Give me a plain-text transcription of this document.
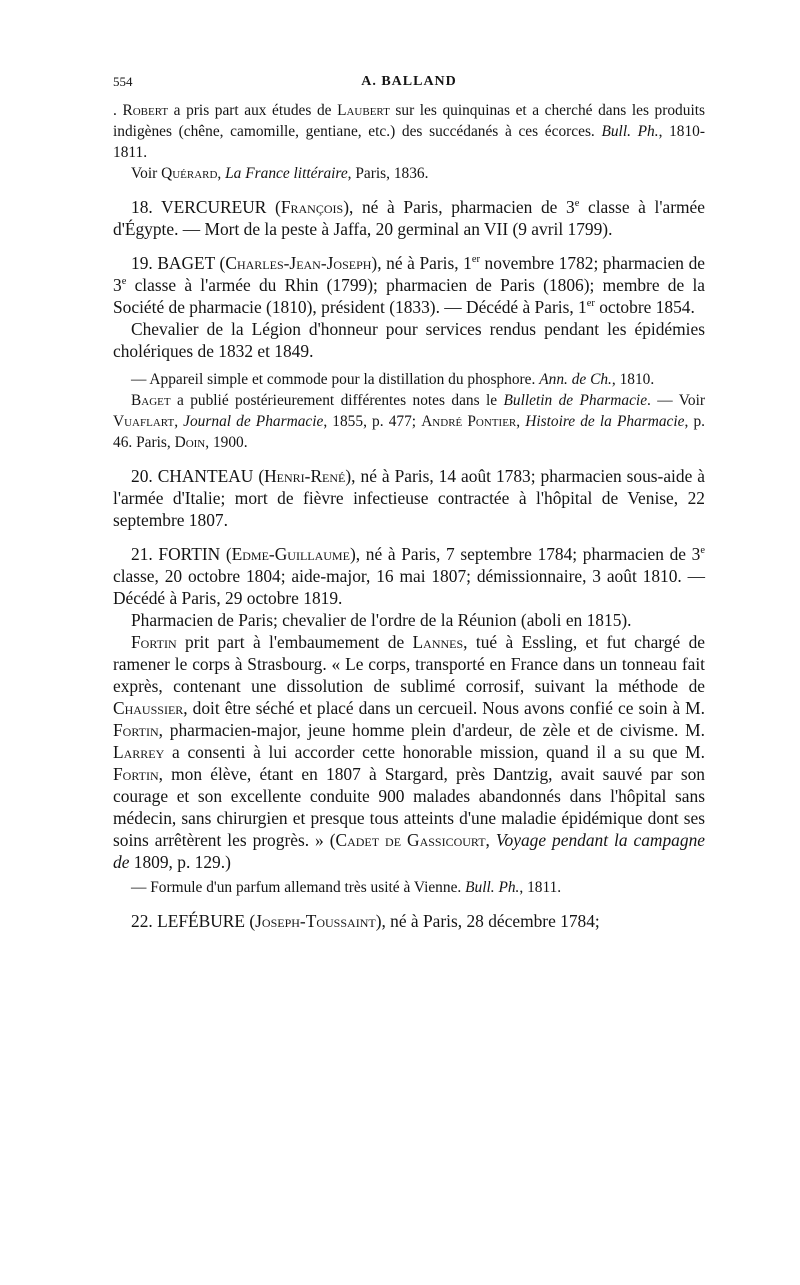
554	A. BALLAND

. Robert a pris part aux études de Laubert sur les quinquinas et a cherché dans les produits indigènes (chêne, camomille, gentiane, etc.) des succédanés à ces écorces. Bull. Ph., 1810-1811.

Voir Quérard, La France littéraire, Paris, 1836.

18. VERCUREUR (François), né à Paris, pharmacien de 3e classe à l'armée d'Égypte. — Mort de la peste à Jaffa, 20 germinal an VII (9 avril 1799).

19. BAGET (Charles-Jean-Joseph), né à Paris, 1er novembre 1782; pharmacien de 3e classe à l'armée du Rhin (1799); pharmacien de Paris (1806); membre de la Société de pharmacie (1810), président (1833). — Décédé à Paris, 1er octobre 1854.

Chevalier de la Légion d'honneur pour services rendus pendant les épidémies cholériques de 1832 et 1849.

— Appareil simple et commode pour la distillation du phosphore. Ann. de Ch., 1810.

Baget a publié postérieurement différentes notes dans le Bulletin de Pharmacie. — Voir Vuaflart, Journal de Pharmacie, 1855, p. 477; André Pontier, Histoire de la Pharmacie, p. 46. Paris, Doin, 1900.

20. CHANTEAU (Henri-René), né à Paris, 14 août 1783; pharmacien sous-aide à l'armée d'Italie; mort de fièvre infectieuse contractée à l'hôpital de Venise, 22 septembre 1807.

21. FORTIN (Edme-Guillaume), né à Paris, 7 septembre 1784; pharmacien de 3e classe, 20 octobre 1804; aide-major, 16 mai 1807; démissionnaire, 3 août 1810. — Décédé à Paris, 29 octobre 1819.

Pharmacien de Paris; chevalier de l'ordre de la Réunion (aboli en 1815).

Fortin prit part à l'embaumement de Lannes, tué à Essling, et fut chargé de ramener le corps à Strasbourg. « Le corps, transporté en France dans un tonneau fait exprès, contenant une dissolution de sublimé corrosif, suivant la méthode de Chaussier, doit être séché et placé dans un cercueil. Nous avons confié ce soin à M. Fortin, pharmacien-major, jeune homme plein d'ardeur, de zèle et de civisme. M. Larrey a consenti à lui accorder cette honorable mission, quand il a su que M. Fortin, mon élève, étant en 1807 à Stargard, près Dantzig, avait sauvé par son courage et son excellente conduite 900 malades abandonnés dans l'hôpital sans médecin, sans chirurgien et presque tous atteints d'une maladie épidémique dont ses soins arrêtèrent les progrès. » (Cadet de Gassicourt, Voyage pendant la campagne de 1809, p. 129.)

— Formule d'un parfum allemand très usité à Vienne. Bull. Ph., 1811.

22. LEFÉBURE (Joseph-Toussaint), né à Paris, 28 décembre 1784;
